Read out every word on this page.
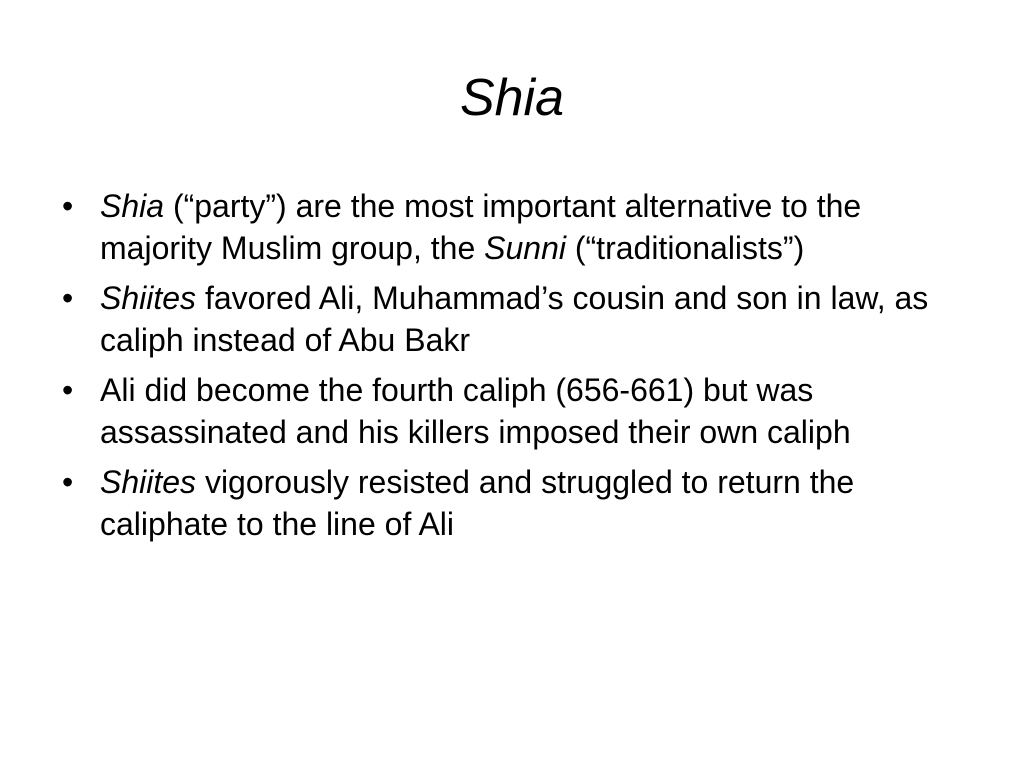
Shia
• Shia (“party”) are the most important alternative to the majority Muslim group, the Sunni (“traditionalists”)
• Shiites favored Ali, Muhammad’s cousin and son in law, as caliph instead of Abu Bakr
• Ali did become the fourth caliph (656-661) but was assassinated and his killers imposed their own caliph
• Shiites vigorously resisted and struggled to return the caliphate to the line of Ali
